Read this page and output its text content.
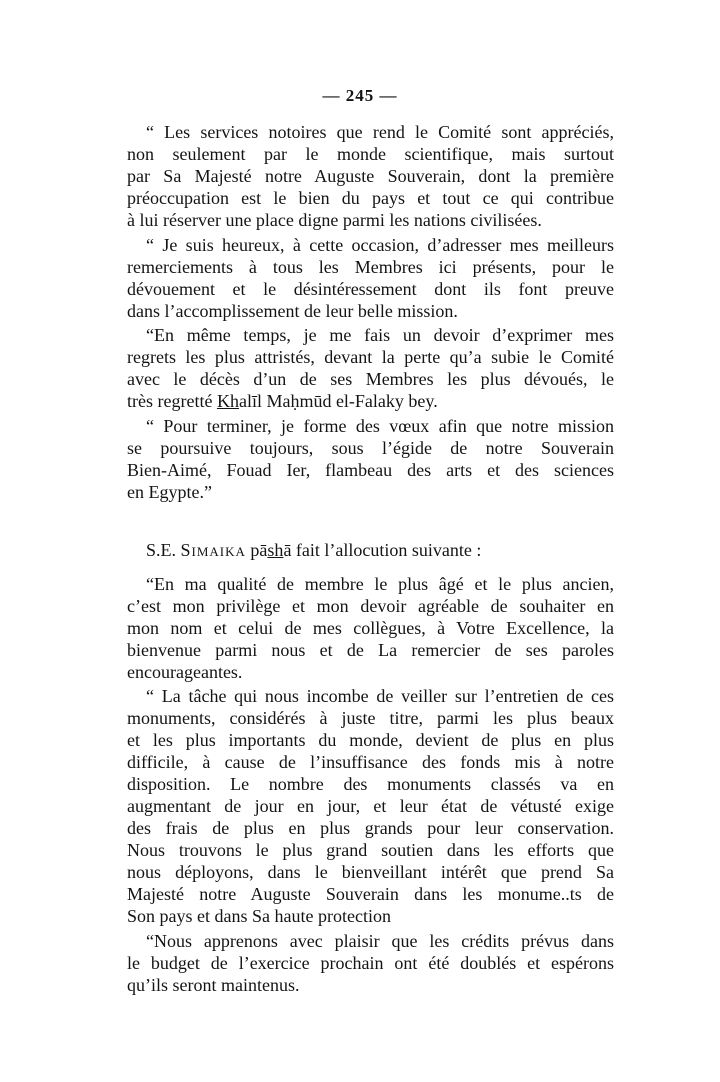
— 245 —
“ Les services notoires que rend le Comité sont appréciés,
non seulement par le monde scientifique, mais surtout
par Sa Majesté notre Auguste Souverain, dont la première
préoccupation est le bien du pays et tout ce qui contribue
à lui réserver une place digne parmi les nations civilisées.
“ Je suis heureux, à cette occasion, d’adresser mes meilleurs
remerciements à tous les Membres ici présents, pour le
dévouement et le désintéressement dont ils font preuve
dans l’accomplissement de leur belle mission.
“En même temps, je me fais un devoir d’exprimer mes
regrets les plus attristés, devant la perte qu’a subie le Comité
avec le décès d’un de ses Membres les plus dévoués, le
très regretté Khalīl Maḥmūd el-Falaky bey.
“ Pour terminer, je forme des vœux afin que notre mission
se poursuive toujours, sous l’égide de notre Souverain
Bien-Aimé, Fouad Ier, flambeau des arts et des sciences
en Egypte.”
S.E. Simaika pāshā fait l’allocution suivante :
“En ma qualité de membre le plus âgé et le plus ancien,
c’est mon privilège et mon devoir agréable de souhaiter en
mon nom et celui de mes collègues, à Votre Excellence, la
bienvenue parmi nous et de La remercier de ses paroles
encourageantes.
“ La tâche qui nous incombe de veiller sur l’entretien de ces
monuments, considérés à juste titre, parmi les plus beaux
et les plus importants du monde, devient de plus en plus
difficile, à cause de l’insuffisance des fonds mis à notre
disposition. Le nombre des monuments classés va en
augmentant de jour en jour, et leur état de vétusté exige
des frais de plus en plus grands pour leur conservation.
Nous trouvons le plus grand soutien dans les efforts que
nous déployons, dans le bienveillant intérêt que prend Sa
Majesté notre Auguste Souverain dans les monume..ts de
Son pays et dans Sa haute protection
“Nous apprenons avec plaisir que les crédits prévus dans
le budget de l’exercice prochain ont été doublés et espérons
qu’ils seront maintenus.
